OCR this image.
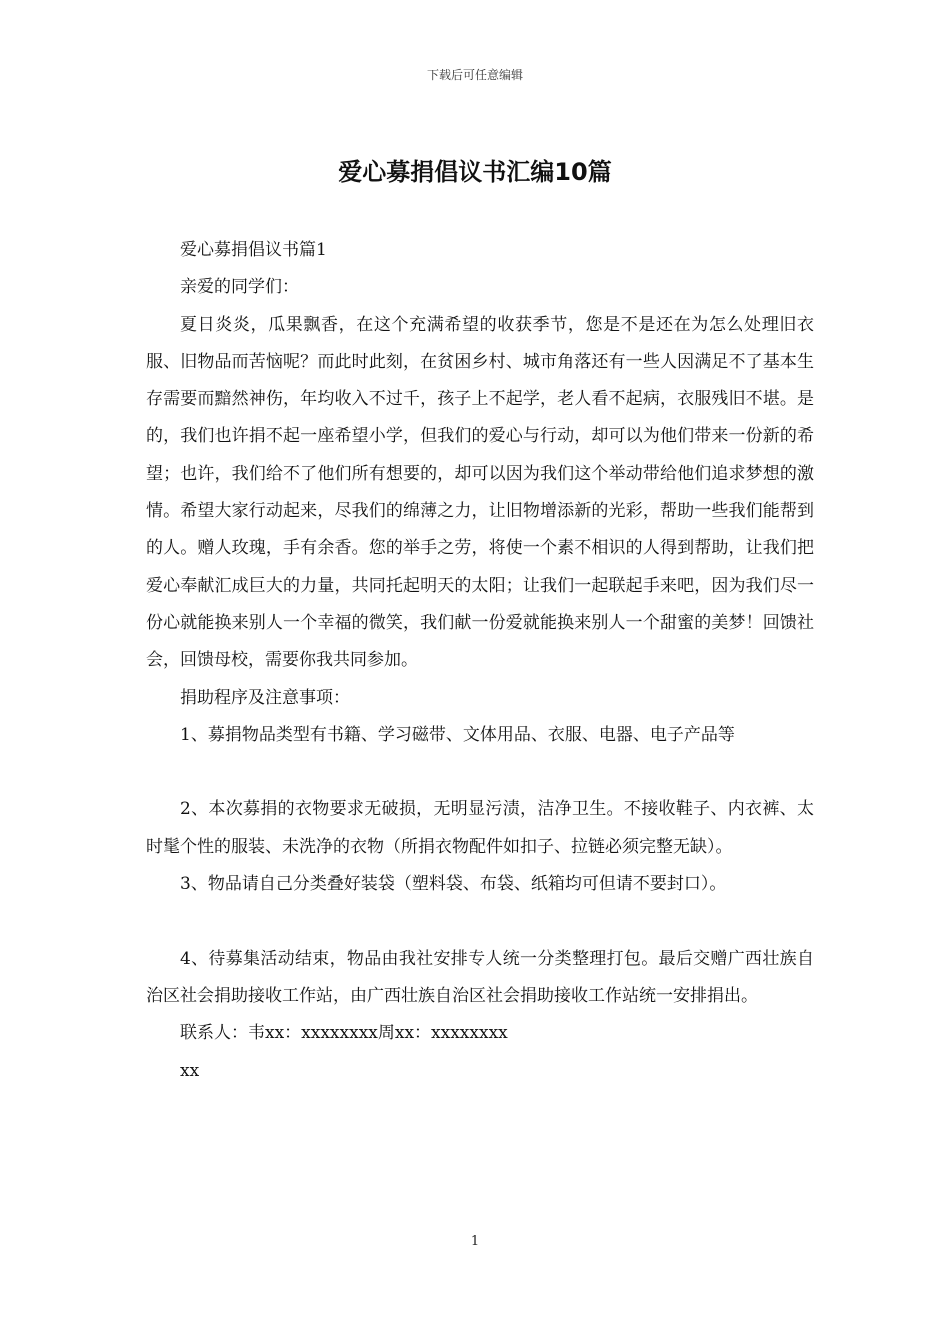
下载后可任意编辑
爱心募捐倡议书汇编10篇

爱心募捐倡议书篇1

亲爱的同学们：

夏日炎炎，瓜果飘香，在这个充满希望的收获季节，您是不是还在为怎么处理旧衣服、旧物品而苦恼呢？而此时此刻，在贫困乡村、城市角落还有一些人因满足不了基本生存需要而黯然神伤，年均收入不过千，孩子上不起学，老人看不起病，衣服残旧不堪。是的，我们也许捐不起一座希望小学，但我们的爱心与行动，却可以为他们带来一份新的希望；也许，我们给不了他们所有想要的，却可以因为我们这个举动带给他们追求梦想的激情。希望大家行动起来，尽我们的绵薄之力，让旧物增添新的光彩，帮助一些我们能帮到的人。赠人玫瑰，手有余香。您的举手之劳，将使一个素不相识的人得到帮助，让我们把爱心奉献汇成巨大的力量，共同托起明天的太阳；让我们一起联起手来吧，因为我们尽一份心就能换来别人一个幸福的微笑，我们献一份爱就能换来别人一个甜蜜的美梦！回馈社会，回馈母校，需要你我共同参加。

捐助程序及注意事项：

1、募捐物品类型有书籍、学习磁带、文体用品、衣服、电器、电子产品等

2、本次募捐的衣物要求无破损，无明显污渍，洁净卫生。不接收鞋子、内衣裤、太时髦个性的服装、未洗净的衣物（所捐衣物配件如扣子、拉链必须完整无缺）。

3、物品请自己分类叠好装袋（塑料袋、布袋、纸箱均可但请不要封口）。

4、待募集活动结束，物品由我社安排专人统一分类整理打包。最后交赠广西壮族自治区社会捐助接收工作站，由广西壮族自治区社会捐助接收工作站统一安排捐出。

联系人：韦xx：xxxxxxxx周xx：xxxxxxxx

xx

1
